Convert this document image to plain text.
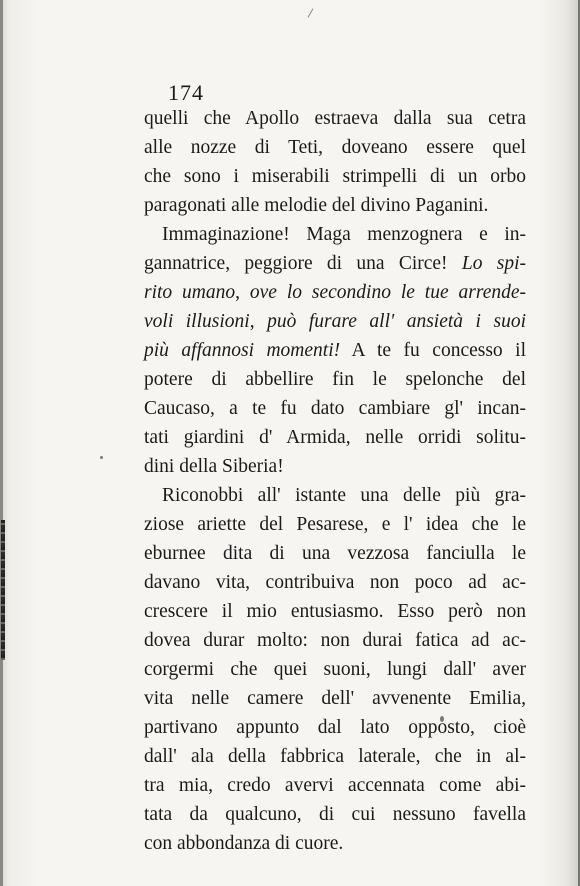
174
quelli che Apollo estraeva dalla sua cetra
alle nozze di Teti, doveano essere quel
che sono i miserabili strimpelli di un orbo
paragonati alle melodie del divino Paganini.
Immaginazione! Maga menzognera e in-
gannatrice, peggiore di una Circe! Lo spi-
rito umano, ove lo secondino le tue arrende-
voli illusioni, può furare all' ansietà i suoi
più affannosi momenti! A te fu concesso il
potere di abbellire fin le spelonche del
Caucaso, a te fu dato cambiare gl' incan-
tati giardini d' Armida, nelle orridi solitu-
dini della Siberia!
Riconobbi all' istante una delle più gra-
ziose ariette del Pesarese, e l' idea che le
eburnee dita di una vezzosa fanciulla le
davano vita, contribuiva non poco ad ac-
crescere il mio entusiasmo. Esso però non
dovea durar molto: non durai fatica ad ac-
corgermi che quei suoni, lungi dall' aver
vita nelle camere dell' avvenente Emilia,
partivano appunto dal lato opposto, cioè
dall' ala della fabbrica laterale, che in al-
tra mia, credo avervi accennata come abi-
tata da qualcuno, di cui nessuno favella
con abbondanza di cuore.
